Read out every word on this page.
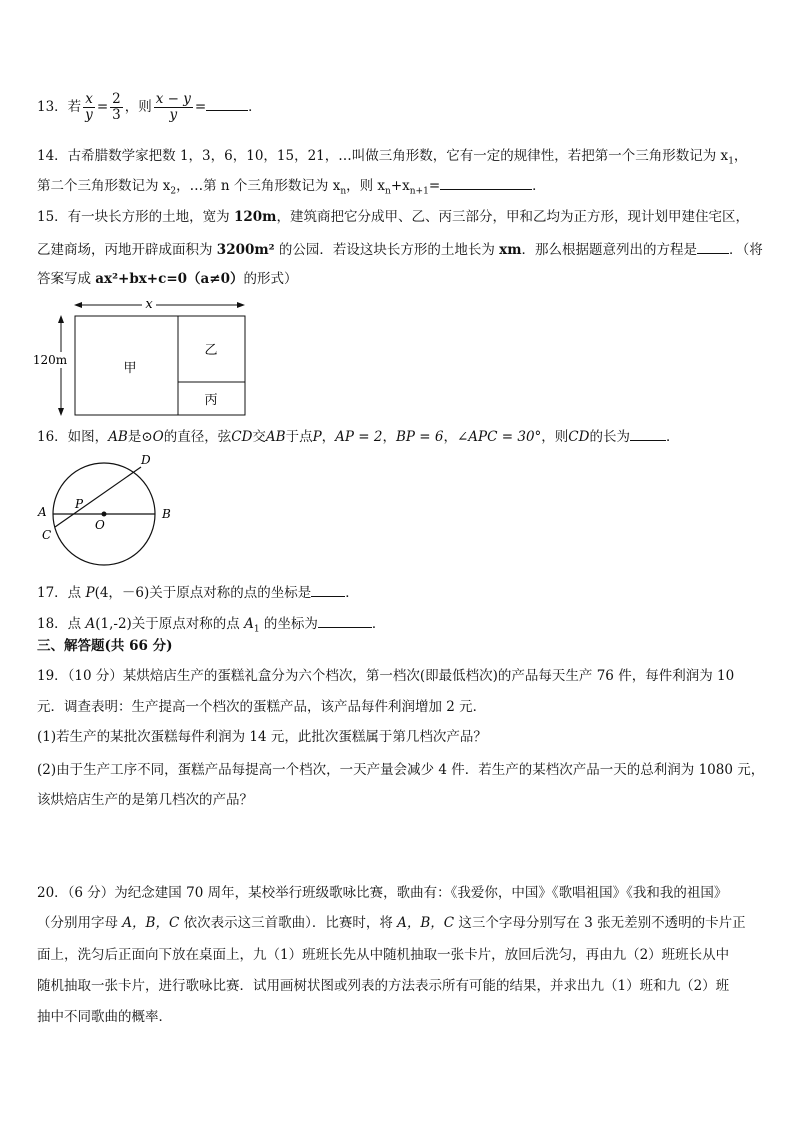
13．若 $\frac{x}{y} = \frac{2}{3}$ ，则 $\frac{x - y}{y}$ =	．
14．古希腊数学家把数 1，3，6，10，15，21，…叫做三角形数，它有一定的规律性，若把第一个三角形数记为 $x_1$，
第二个三角形数记为 $x_2$，…第 n 个三角形数记为 $x_n$，则 $x_n+x_{n+1}=$	．
15．有一块长方形的土地，宽为 120m，建筑商把它分成甲、乙、丙三部分，甲和乙均为正方形，现计划甲建住宅区，
乙建商场，丙地开辟成面积为 3200m² 的公园．若设这块长方形的土地长为 xm．那么根据题意列出的方程是 ．（将
答案写成 ax²+bx+c=0（a≠0）的形式）
x
120m
甲
乙
丙
16．如图，AB是⊙O的直径，弦CD交AB于点P，AP = 2，BP = 6，∠APC = 30°，则CD的长为	．
A	B
C
D
P
O
17．点 P(4，－6)关于原点对称的点的坐标是	．
18．点 A(1,-2)关于原点对称的点 $A_1$ 的坐标为	．
三、解答题(共 66 分)
19．（10 分）某烘焙店生产的蛋糕礼盒分为六个档次，第一档次(即最低档次)的产品每天生产 76 件，每件利润为 10
元．调查表明：生产提高一个档次的蛋糕产品，该产品每件利润增加 2 元．
(1)若生产的某批次蛋糕每件利润为 14 元，此批次蛋糕属于第几档次产品？
(2)由于生产工序不同，蛋糕产品每提高一个档次，一天产量会减少 4 件．若生产的某档次产品一天的总利润为 1080 元，
该烘焙店生产的是第几档次的产品？
20．（6 分）为纪念建国 70 周年，某校举行班级歌咏比赛，歌曲有：《我爱你，中国》《歌唱祖国》《我和我的祖国》
（分别用字母 A，B，C 依次表示这三首歌曲）．比赛时，将 A，B，C 这三个字母分别写在 3 张无差别不透明的卡片正
面上，洗匀后正面向下放在桌面上，九（1）班班长先从中随机抽取一张卡片，放回后洗匀，再由九（2）班班长从中
随机抽取一张卡片，进行歌咏比赛．试用画树状图或列表的方法表示所有可能的结果，并求出九（1）班和九（2）班
抽中不同歌曲的概率．
